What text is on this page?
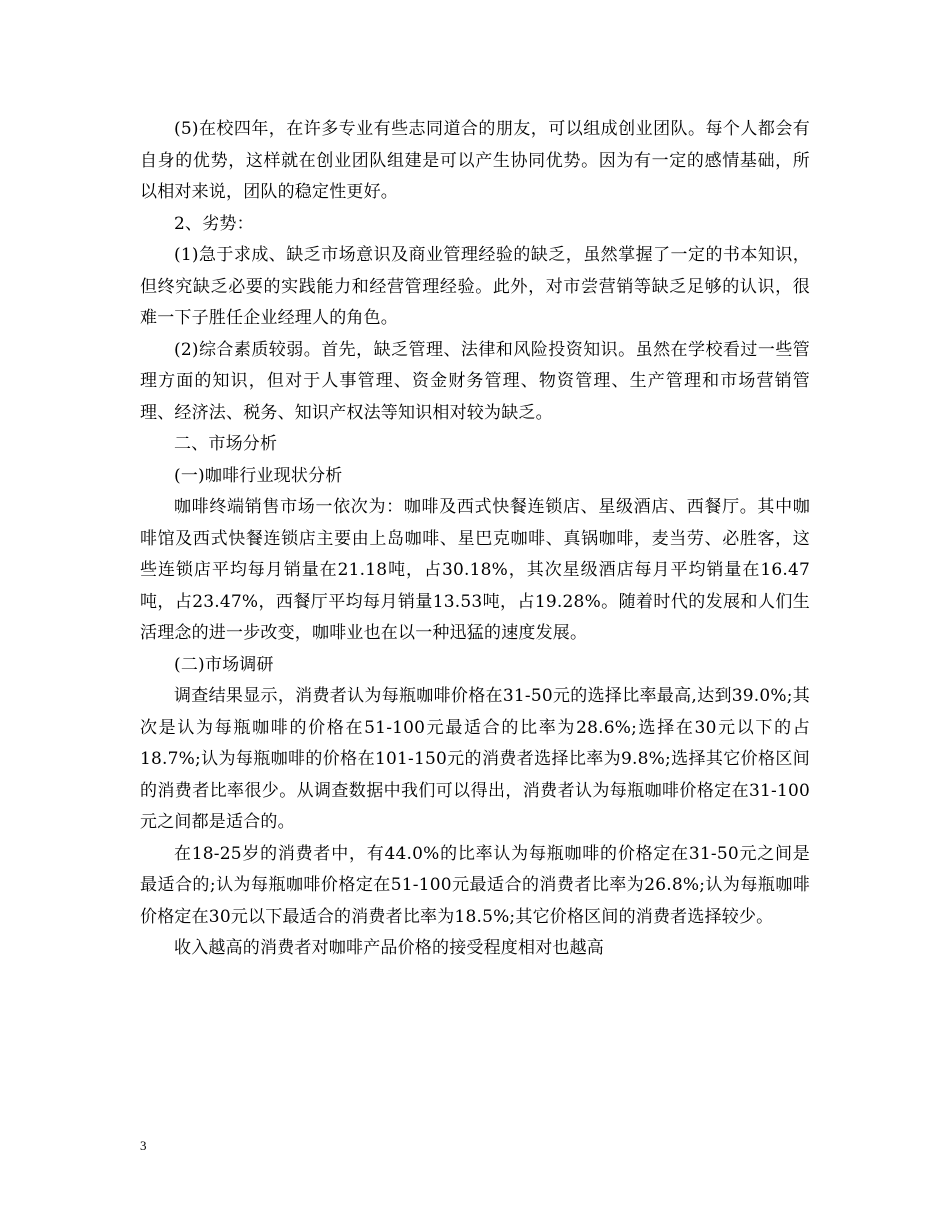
(5)在校四年，在许多专业有些志同道合的朋友，可以组成创业团队。每个人都会有自身的优势，这样就在创业团队组建是可以产生协同优势。因为有一定的感情基础，所以相对来说，团队的稳定性更好。

2、劣势：

(1)急于求成、缺乏市场意识及商业管理经验的缺乏，虽然掌握了一定的书本知识，但终究缺乏必要的实践能力和经营管理经验。此外，对市尝营销等缺乏足够的认识，很难一下子胜任企业经理人的角色。

(2)综合素质较弱。首先，缺乏管理、法律和风险投资知识。虽然在学校看过一些管理方面的知识，但对于人事管理、资金财务管理、物资管理、生产管理和市场营销管理、经济法、税务、知识产权法等知识相对较为缺乏。

二、市场分析

(一)咖啡行业现状分析

咖啡终端销售市场一依次为：咖啡及西式快餐连锁店、星级酒店、西餐厅。其中咖啡馆及西式快餐连锁店主要由上岛咖啡、星巴克咖啡、真锅咖啡，麦当劳、必胜客，这些连锁店平均每月销量在21.18吨，占30.18%，其次星级酒店每月平均销量在16.47吨，占23.47%，西餐厅平均每月销量13.53吨，占19.28%。随着时代的发展和人们生活理念的进一步改变，咖啡业也在以一种迅猛的速度发展。

(二)市场调研

调查结果显示，消费者认为每瓶咖啡价格在31-50元的选择比率最高,达到39.0%;其次是认为每瓶咖啡的价格在51-100元最适合的比率为28.6%;选择在30元以下的占18.7%;认为每瓶咖啡的价格在101-150元的消费者选择比率为9.8%;选择其它价格区间的消费者比率很少。从调查数据中我们可以得出，消费者认为每瓶咖啡价格定在31-100元之间都是适合的。

在18-25岁的消费者中，有44.0%的比率认为每瓶咖啡的价格定在31-50元之间是最适合的;认为每瓶咖啡价格定在51-100元最适合的消费者比率为26.8%;认为每瓶咖啡价格定在30元以下最适合的消费者比率为18.5%;其它价格区间的消费者选择较少。

收入越高的消费者对咖啡产品价格的接受程度相对也越高

3
